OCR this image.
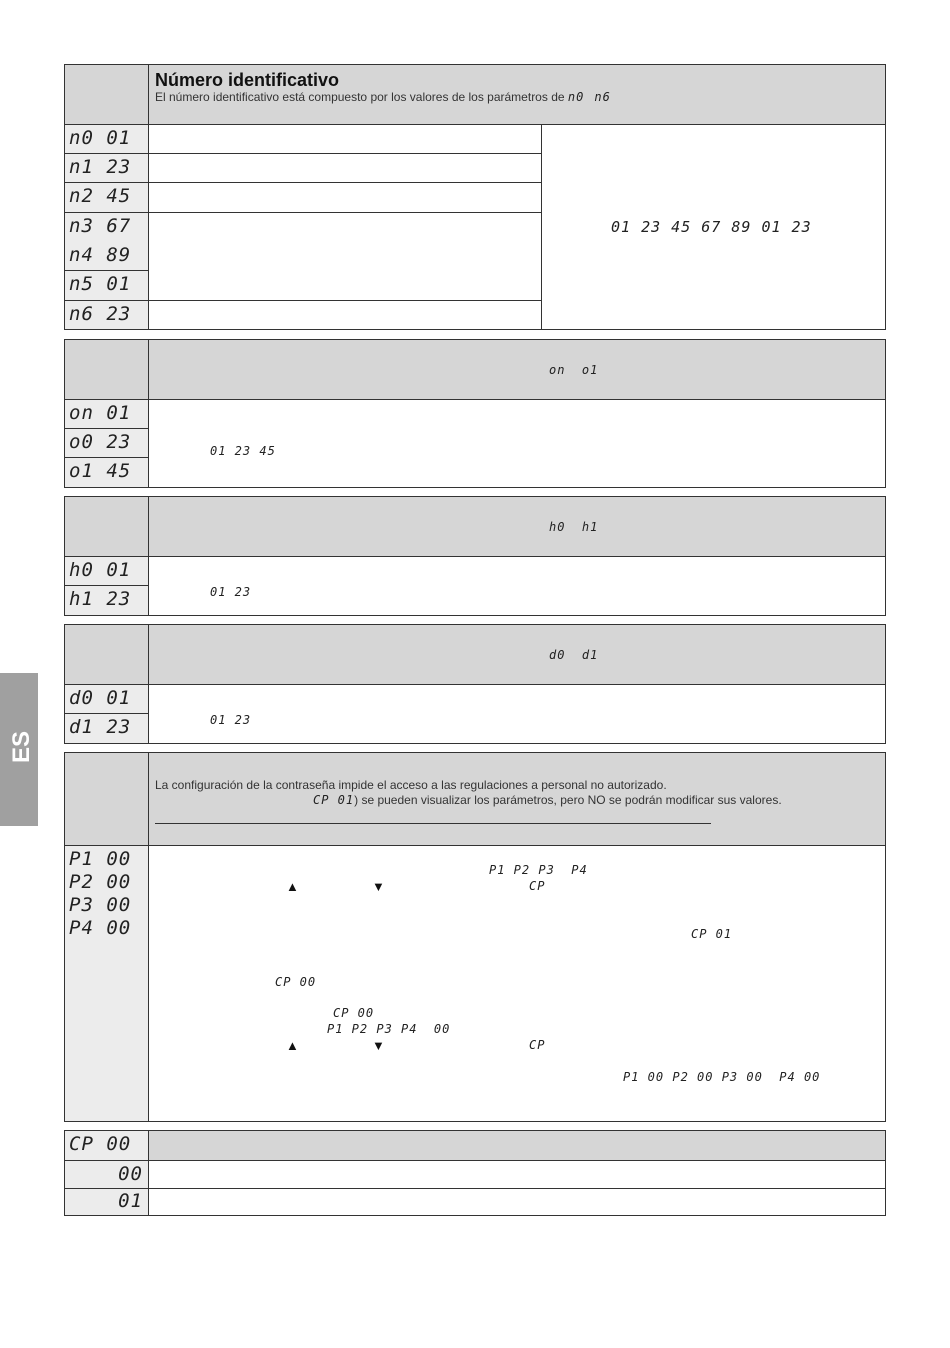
Número identificativo
El número identificativo está compuesto por los valores de los parámetros de n0 n6
n0 01
n1 23
n2 45
n3 67
n4 89
n5 01
n6 23
01 23 45 67 89 01 23
on  o1
on 01
o0 23
o1 45
01 23 45
h0  h1
h0 01
h1 23	01 23
d0  d1
d0 01
d1 23	01 23
La configuración de la contraseña impide el acceso a las regulaciones a personal no autorizado.
CP 01) se pueden visualizar los parámetros, pero NO se podrán modificar sus valores.
P1 00
P2 00
P3 00
P4 00
P1 P2 P3  P4
▲	▼	CP
CP 01
CP 00
CP 00
P1 P2 P3 P4  00
▲	▼	CP
P1 00 P2 00 P3 00  P4 00
CP 00
00
01
ES
